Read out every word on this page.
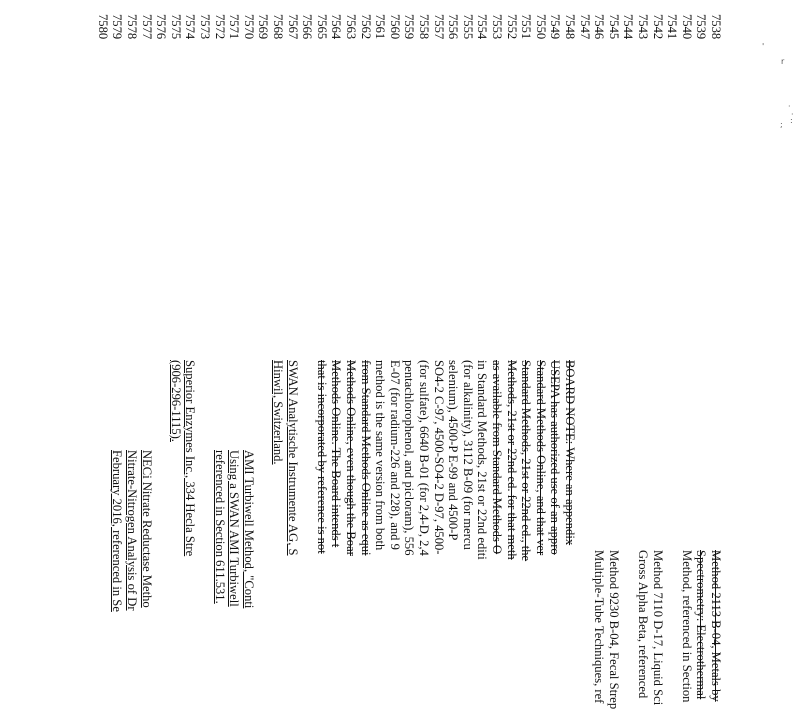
7538
Method 2113 B-04, Metals by
7539
Spectrometry: Electrothermal
7540
Method, referenced in Section
7541
7542
Method 7110 D-17, Liquid Sci
7543
Gross Alpha Beta, referenced
7544
7545
Method 9230 B-04, Fecal Strep
7546
Multiple-Tube Techniques, ref
7547
7548
BOARD NOTE: Where an appendix
7549
USEPA has authorized use of an appro
7550
Standard Methods Online, and that ver
7551
Standard Methods, 21st or 22nd ed., the
7552
Methods, 21st or 22nd ed. for that meth
7553
as available from Standard Methods O
7554
in Standard Methods, 21st or 22nd editi
7555
(for alkalinity), 3112 B-09 (for mercu
7556
selenium), 4500-P E-99 and 4500-P
7557
SO4-2 C-97, 4500-SO4-2 D-97, 4500-
7558
(for sulfate), 6640 B-01 (for 2,4-D, 2,4
7559
pentachlorophenol, and picloram), 556
7560
E-07 (for radium-226 and 228), and 9
7561
method is the same version from both
7562
from Standard Methods Online as equi
7563
Methods Online, even though the Boar
7564
Methods Online. The Board intends t
7565
that is incorporated by reference is not
7566
7567
SWAN Analytische Instrumente AG, S
7568
Hinwil, Switzerland.
7569
7570
AMI Turbiwell Method, "Conti
7571
Using a SWAN AMI Turbiwell
7572
referenced in Section 611.531.
7573
7574
Superior Enzymes Inc., 334 Hecla Stre
7575
(906-296-1115).
7576
7577
NECi Nitrate Reductase Metho
7578
Nitrate-Nitrogen Analysis of Dr
7579
February 2016, referenced in Se
7580
'
r
·
·
:
;
